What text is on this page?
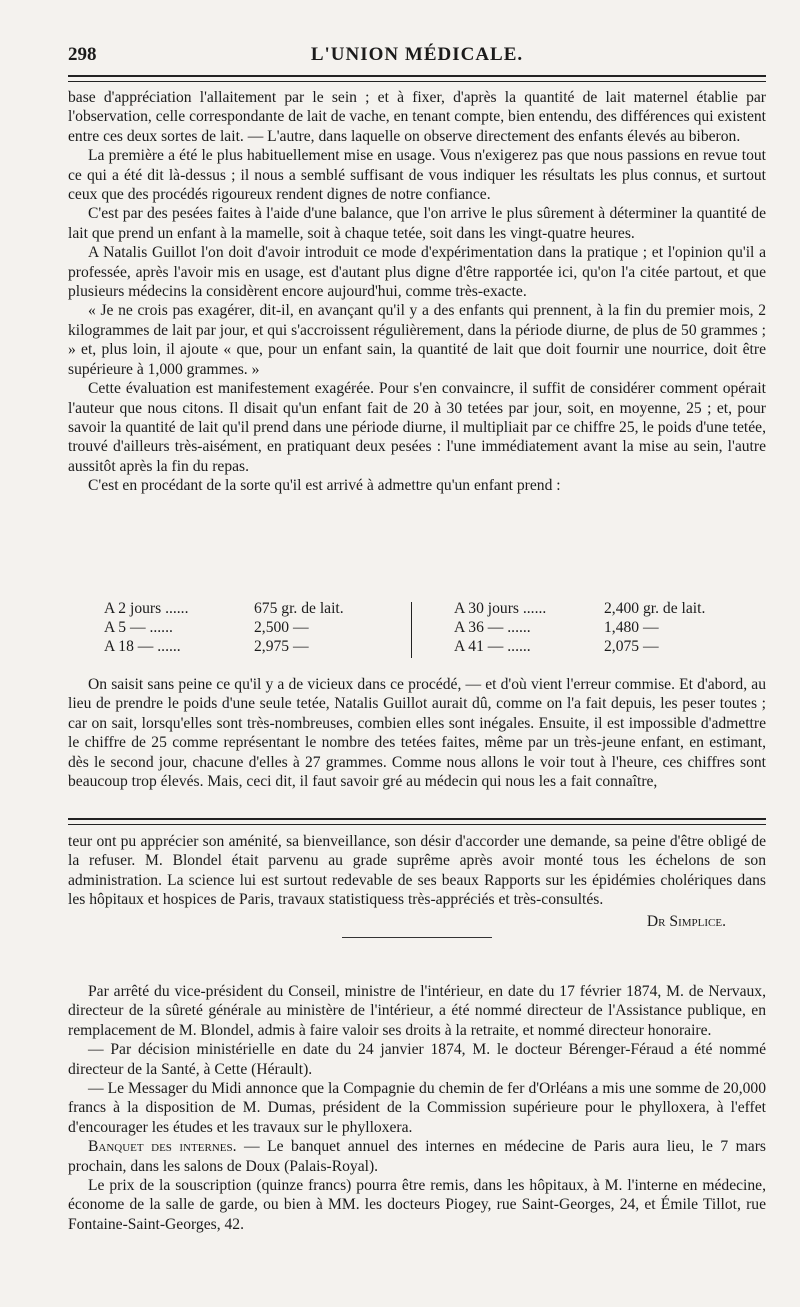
298	L'UNION MÉDICALE.

base d'appréciation l'allaitement par le sein ; et à fixer, d'après la quantité de lait maternel établie par l'observation, celle correspondante de lait de vache, en tenant compte, bien entendu, des différences qui existent entre ces deux sortes de lait. — L'autre, dans laquelle on observe directement des enfants élevés au biberon.

La première a été le plus habituellement mise en usage. Vous n'exigerez pas que nous passions en revue tout ce qui a été dit là-dessus ; il nous a semblé suffisant de vous indiquer les résultats les plus connus, et surtout ceux que des procédés rigoureux rendent dignes de notre confiance.

C'est par des pesées faites à l'aide d'une balance, que l'on arrive le plus sûrement à déterminer la quantité de lait que prend un enfant à la mamelle, soit à chaque tetée, soit dans les vingt-quatre heures.

A Natalis Guillot l'on doit d'avoir introduit ce mode d'expérimentation dans la pratique ; et l'opinion qu'il a professée, après l'avoir mis en usage, est d'autant plus digne d'être rapportée ici, qu'on l'a citée partout, et que plusieurs médecins la considèrent encore aujourd'hui, comme très-exacte.

« Je ne crois pas exagérer, dit-il, en avançant qu'il y a des enfants qui prennent, à la fin du premier mois, 2 kilogrammes de lait par jour, et qui s'accroissent régulièrement, dans la période diurne, de plus de 50 grammes ; » et, plus loin, il ajoute « que, pour un enfant sain, la quantité de lait que doit fournir une nourrice, doit être supérieure à 1,000 grammes. »

Cette évaluation est manifestement exagérée. Pour s'en convaincre, il suffit de considérer comment opérait l'auteur que nous citons. Il disait qu'un enfant fait de 20 à 30 tetées par jour, soit, en moyenne, 25 ; et, pour savoir la quantité de lait qu'il prend dans une période diurne, il multipliait par ce chiffre 25, le poids d'une tetée, trouvé d'ailleurs très-aisément, en pratiquant deux pesées : l'une immédiatement avant la mise au sein, l'autre aussitôt après la fin du repas.

C'est en procédant de la sorte qu'il est arrivé à admettre qu'un enfant prend :

A 2 jours ......	675 gr. de lait.
A 5 — ......	2,500 —
A 18 — ......	2,975 —
A 30 jours ......	2,400 gr. de lait.
A 36 — ......	1,480 —
A 41 — ......	2,075 —

On saisit sans peine ce qu'il y a de vicieux dans ce procédé, — et d'où vient l'erreur commise. Et d'abord, au lieu de prendre le poids d'une seule tetée, Natalis Guillot aurait dû, comme on l'a fait depuis, les peser toutes ; car on sait, lorsqu'elles sont très-nombreuses, combien elles sont inégales. Ensuite, il est impossible d'admettre le chiffre de 25 comme représentant le nombre des tetées faites, même par un très-jeune enfant, en estimant, dès le second jour, chacune d'elles à 27 grammes. Comme nous allons le voir tout à l'heure, ces chiffres sont beaucoup trop élevés. Mais, ceci dit, il faut savoir gré au médecin qui nous les a fait connaître,

teur ont pu apprécier son aménité, sa bienveillance, son désir d'accorder une demande, sa peine d'être obligé de la refuser. M. Blondel était parvenu au grade suprême après avoir monté tous les échelons de son administration. La science lui est surtout redevable de ses beaux Rapports sur les épidémies cholériques dans les hôpitaux et hospices de Paris, travaux statistiquess très-appréciés et très-consultés.

Dr Simplice.

Par arrêté du vice-président du Conseil, ministre de l'intérieur, en date du 17 février 1874, M. de Nervaux, directeur de la sûreté générale au ministère de l'intérieur, a été nommé directeur de l'Assistance publique, en remplacement de M. Blondel, admis à faire valoir ses droits à la retraite, et nommé directeur honoraire.

— Par décision ministérielle en date du 24 janvier 1874, M. le docteur Bérenger-Féraud a été nommé directeur de la Santé, à Cette (Hérault).

— Le Messager du Midi annonce que la Compagnie du chemin de fer d'Orléans a mis une somme de 20,000 francs à la disposition de M. Dumas, président de la Commission supérieure pour le phylloxera, à l'effet d'encourager les études et les travaux sur le phylloxera.

Banquet des internes. — Le banquet annuel des internes en médecine de Paris aura lieu, le 7 mars prochain, dans les salons de Doux (Palais-Royal).

Le prix de la souscription (quinze francs) pourra être remis, dans les hôpitaux, à M. l'interne en médecine, économe de la salle de garde, ou bien à MM. les docteurs Piogey, rue Saint-Georges, 24, et Émile Tillot, rue Fontaine-Saint-Georges, 42.
